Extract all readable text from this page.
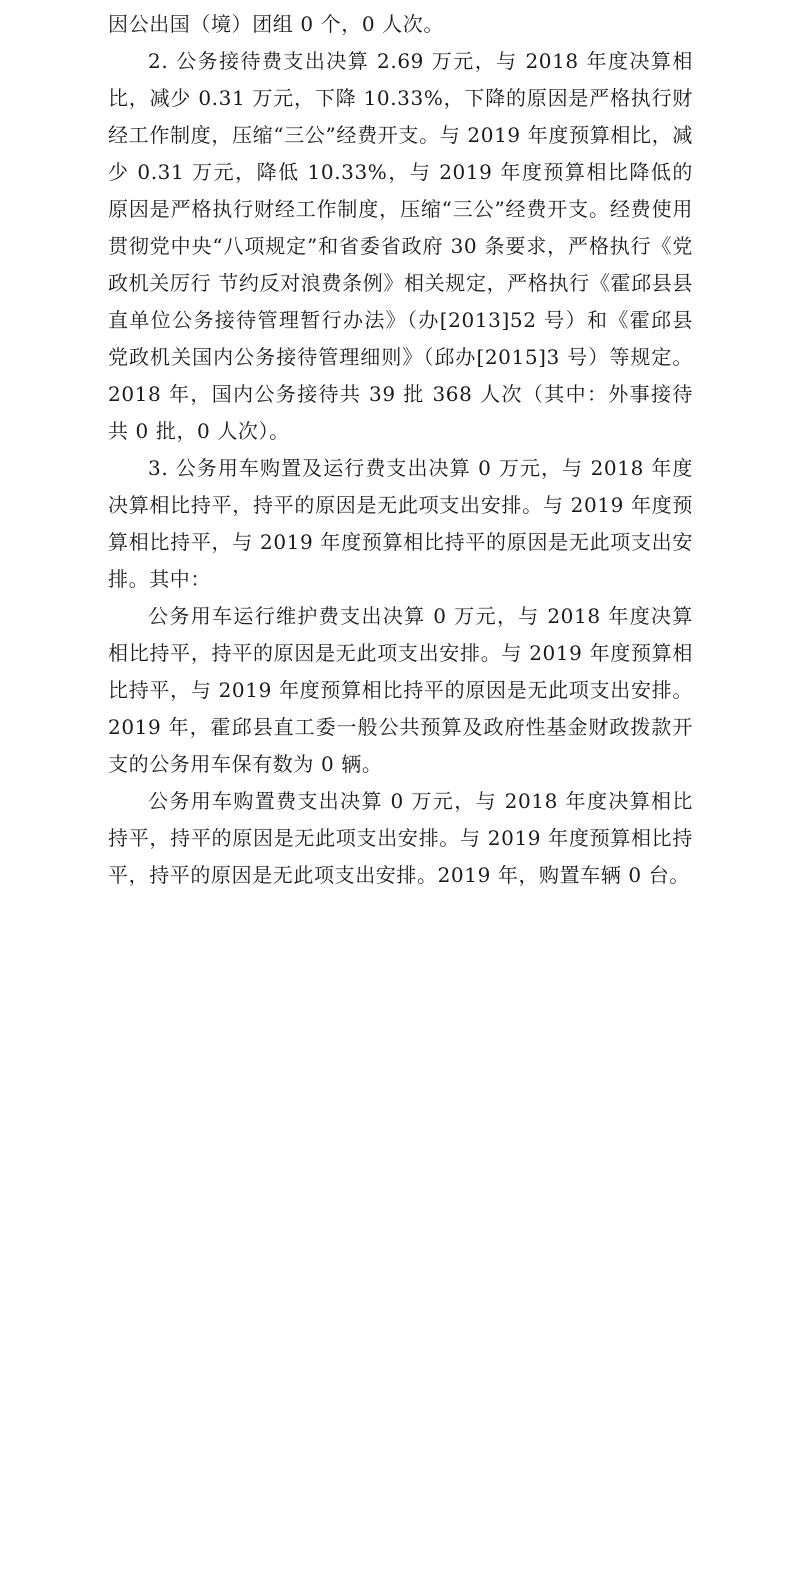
因公出国（境）团组 0 个，0 人次。

2. 公务接待费支出决算 2.69 万元，与 2018 年度决算相比，减少 0.31 万元，下降 10.33%，下降的原因是严格执行财经工作制度，压缩“三公”经费开支。与 2019 年度预算相比，减少 0.31 万元，降低 10.33%，与 2019 年度预算相比降低的原因是严格执行财经工作制度，压缩“三公”经费开支。经费使用贯彻党中央“八项规定”和省委省政府 30 条要求，严格执行《党政机关厉行 节约反对浪费条例》相关规定，严格执行《霍邱县县直单位公务接待管理暂行办法》（办[2013]52 号）和《霍邱县党政机关国内公务接待管理细则》（邱办[2015]3 号）等规定。2018 年，国内公务接待共 39 批 368 人次（其中：外事接待共 0 批，0 人次）。

3. 公务用车购置及运行费支出决算 0 万元，与 2018 年度决算相比持平，持平的原因是无此项支出安排。与 2019 年度预算相比持平，与 2019 年度预算相比持平的原因是无此项支出安排。其中：

公务用车运行维护费支出决算 0 万元，与 2018 年度决算相比持平，持平的原因是无此项支出安排。与 2019 年度预算相比持平，与 2019 年度预算相比持平的原因是无此项支出安排。2019 年，霍邱县直工委一般公共预算及政府性基金财政拨款开支的公务用车保有数为 0 辆。

公务用车购置费支出决算 0 万元，与 2018 年度决算相比持平，持平的原因是无此项支出安排。与 2019 年度预算相比持平，持平的原因是无此项支出安排。2019 年，购置车辆 0 台。
